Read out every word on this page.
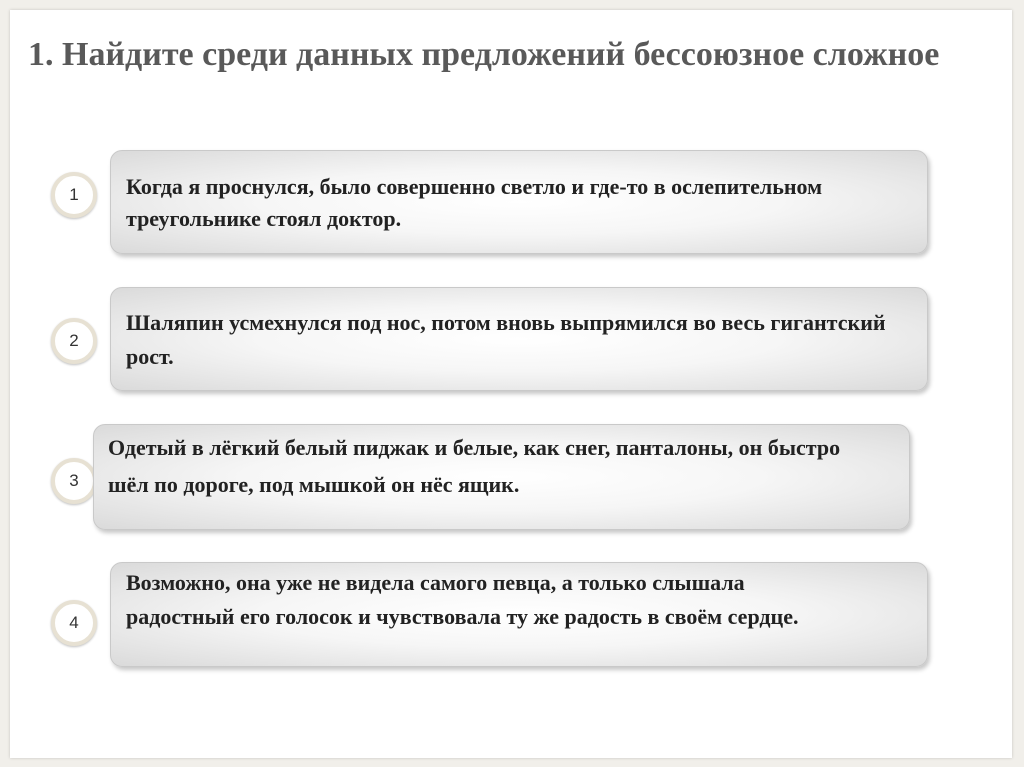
1. Найдите среди данных предложений бессоюзное сложное
1	Когда я проснулся, было совершенно светло и где-то в ослепительном треугольнике стоял доктор.
2
Шаляпин усмехнулся под нос, потом вновь выпрямился во весь гигантский рост.
3
Одетый в лёгкий белый пиджак и белые, как снег, панталоны, он быстро шёл по дороге, под мышкой он нёс ящик.
4
Возможно, она уже не видела самого певца, а только слышала радостный его голосок и чувствовала ту же радость в своём сердце.
